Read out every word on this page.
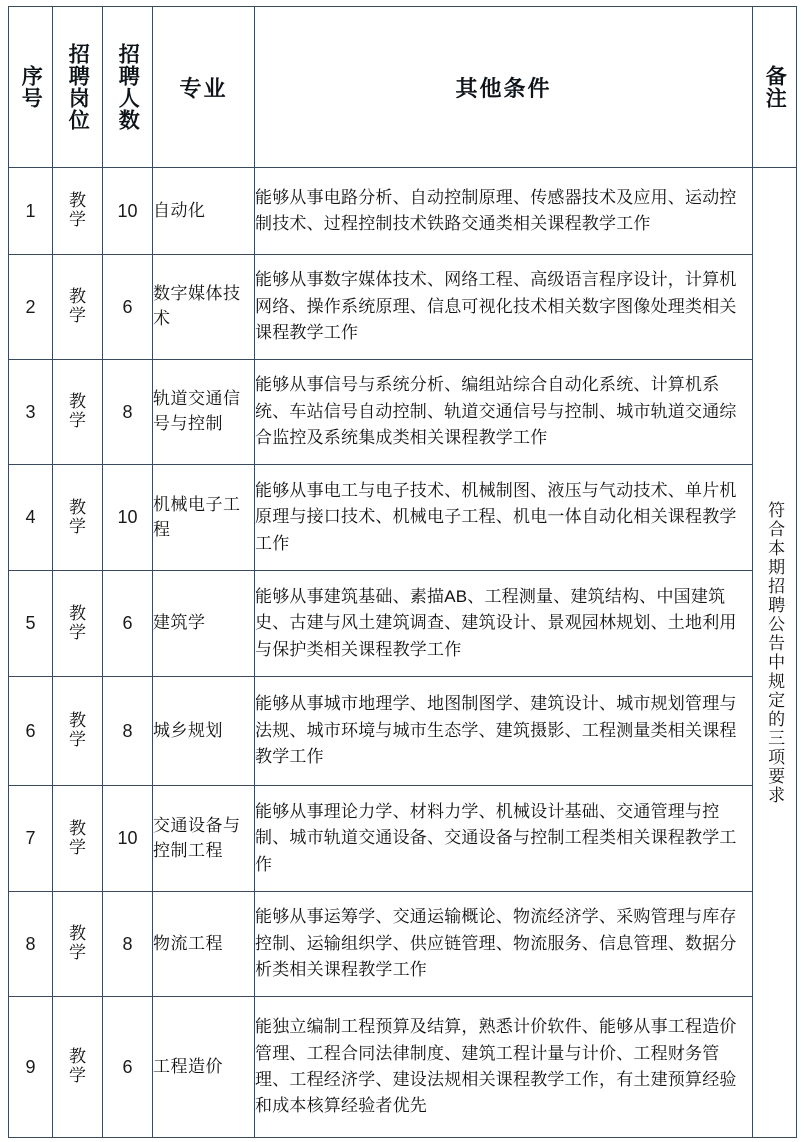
序号	招聘岗位	招聘人数	专业	其他条件	备注

1	教学	10	自动化	能够从事电路分析、自动控制原理、传感器技术及应用、运动控制技术、过程控制技术铁路交通类相关课程教学工作	符合本期招聘公告中规定的三项要求

2	教学	6	数字媒体技术	能够从事数字媒体技术、网络工程、高级语言程序设计，计算机网络、操作系统原理、信息可视化技术相关数字图像处理类相关课程教学工作	
3	教学	8	轨道交通信号与控制	能够从事信号与系统分析、编组站综合自动化系统、计算机系统、车站信号自动控制、轨道交通信号与控制、城市轨道交通综合监控及系统集成类相关课程教学工作	
4	教学	10	机械电子工程	能够从事电工与电子技术、机械制图、液压与气动技术、单片机原理与接口技术、机械电子工程、机电一体自动化相关课程教学工作	
5	教学	6	建筑学	能够从事建筑基础、素描AB、工程测量、建筑结构、中国建筑史、古建与风土建筑调查、建筑设计、景观园林规划、土地利用与保护类相关课程教学工作	
6	教学	8	城乡规划	能够从事城市地理学、地图制图学、建筑设计、城市规划管理与法规、城市环境与城市生态学、建筑摄影、工程测量类相关课程教学工作	
7	教学	10	交通设备与控制工程	能够从事理论力学、材料力学、机械设计基础、交通管理与控制、城市轨道交通设备、交通设备与控制工程类相关课程教学工作	
8	教学	8	物流工程	能够从事运筹学、交通运输概论、物流经济学、采购管理与库存控制、运输组织学、供应链管理、物流服务、信息管理、数据分析类相关课程教学工作	
9	教学	6	工程造价	能独立编制工程预算及结算，熟悉计价软件、能够从事工程造价管理、工程合同法律制度、建筑工程计量与计价、工程财务管理、工程经济学、建设法规相关课程教学工作，有土建预算经验和成本核算经验者优先	
